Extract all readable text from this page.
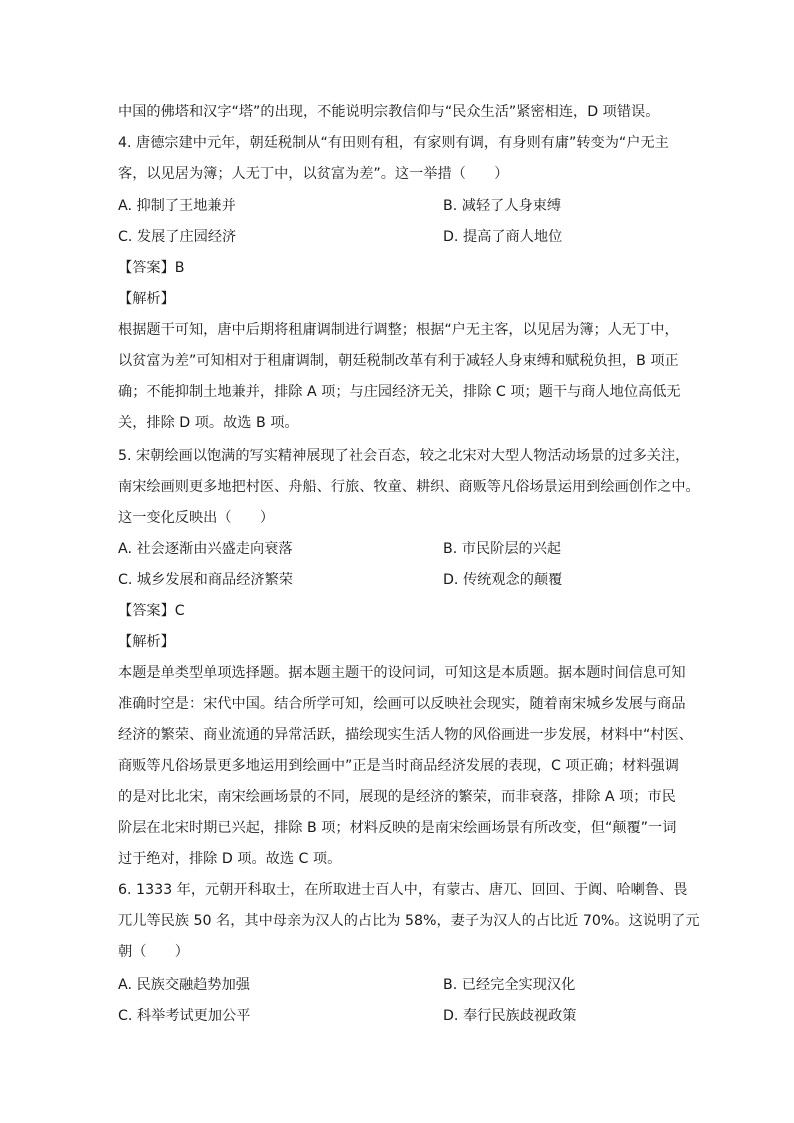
中国的佛塔和汉字“塔”的出现，不能说明宗教信仰与“民众生活”紧密相连，D 项错误。
4. 唐德宗建中元年，朝廷税制从“有田则有租，有家则有调，有身则有庸”转变为“户无主
客，以见居为簿；人无丁中，以贫富为差”。这一举措（　　）
A. 抑制了王地兼并	B. 减轻了人身束缚
C. 发展了庄园经济	D. 提高了商人地位
【答案】B
【解析】
根据题干可知，唐中后期将租庸调制进行调整；根据“户无主客，以见居为簿；人无丁中，
以贫富为差”可知相对于租庸调制，朝廷税制改革有利于减轻人身束缚和赋税负担，B 项正
确；不能抑制土地兼并，排除 A 项；与庄园经济无关，排除 C 项；题干与商人地位高低无
关，排除 D 项。故选 B 项。
5. 宋朝绘画以饱满的写实精神展现了社会百态，较之北宋对大型人物活动场景的过多关注，
南宋绘画则更多地把村医、舟船、行旅、牧童、耕织、商贩等凡俗场景运用到绘画创作之中。
这一变化反映出（　　）
A. 社会逐渐由兴盛走向衰落	B. 市民阶层的兴起
C. 城乡发展和商品经济繁荣	D. 传统观念的颠覆
【答案】C
【解析】
本题是单类型单项选择题。据本题主题干的设问词，可知这是本质题。据本题时间信息可知
准确时空是：宋代中国。结合所学可知，绘画可以反映社会现实，随着南宋城乡发展与商品
经济的繁荣、商业流通的异常活跃，描绘现实生活人物的风俗画进一步发展，材料中“村医、
商贩等凡俗场景更多地运用到绘画中”正是当时商品经济发展的表现，C 项正确；材料强调
的是对比北宋，南宋绘画场景的不同，展现的是经济的繁荣，而非衰落，排除 A 项；市民
阶层在北宋时期已兴起，排除 B 项；材料反映的是南宋绘画场景有所改变，但“颠覆”一词
过于绝对，排除 D 项。故选 C 项。
6. 1333 年，元朝开科取士，在所取进士百人中，有蒙古、唐兀、回回、于阗、哈喇鲁、畏
兀儿等民族 50 名，其中母亲为汉人的占比为 58%，妻子为汉人的占比近 70%。这说明了元
朝（　　）
A. 民族交融趋势加强	B. 已经完全实现汉化
C. 科举考试更加公平	D. 奉行民族歧视政策
